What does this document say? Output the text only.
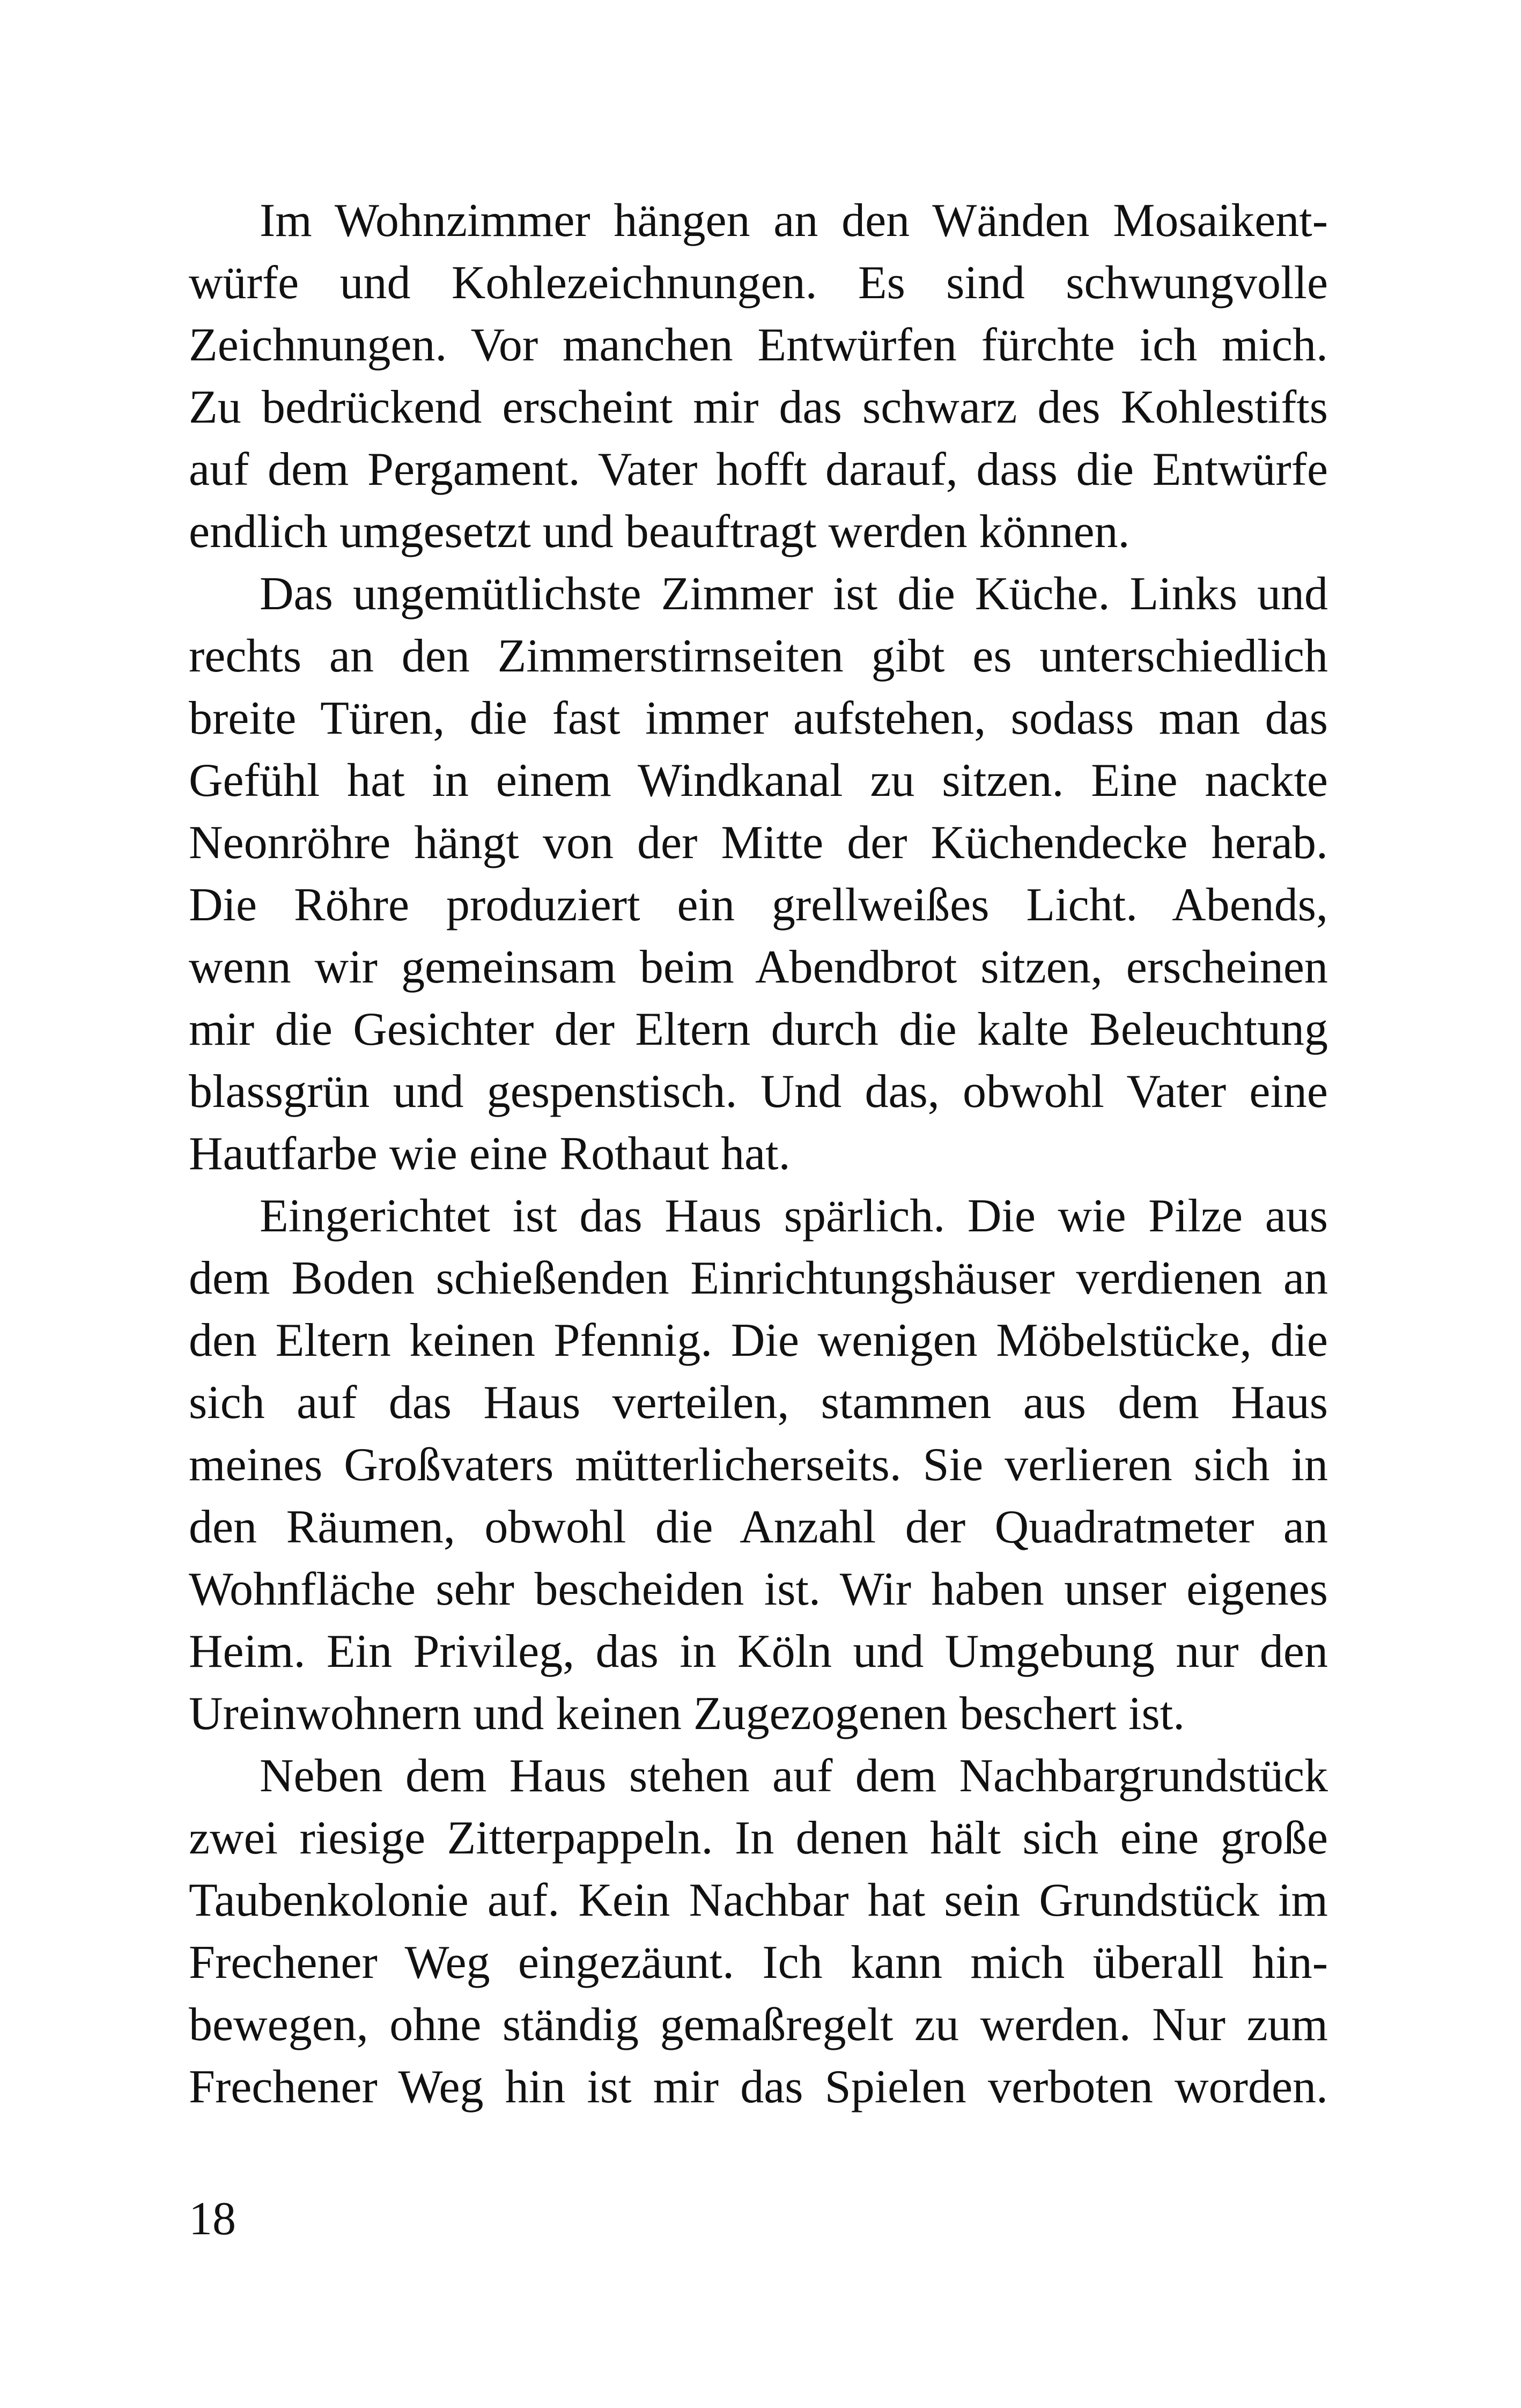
Im Wohnzimmer hängen an den Wänden Mosaikent-
würfe und Kohlezeichnungen. Es sind schwungvolle
Zeichnungen. Vor manchen Entwürfen fürchte ich mich.
Zu bedrückend erscheint mir das schwarz des Kohlestifts
auf dem Pergament. Vater hofft darauf, dass die Entwürfe
endlich umgesetzt und beauftragt werden können.
Das ungemütlichste Zimmer ist die Küche. Links und
rechts an den Zimmerstirnseiten gibt es unterschiedlich
breite Türen, die fast immer aufstehen, sodass man das
Gefühl hat in einem Windkanal zu sitzen. Eine nackte
Neonröhre hängt von der Mitte der Küchendecke herab.
Die Röhre produziert ein grellweißes Licht. Abends,
wenn wir gemeinsam beim Abendbrot sitzen, erscheinen
mir die Gesichter der Eltern durch die kalte Beleuchtung
blassgrün und gespenstisch. Und das, obwohl Vater eine
Hautfarbe wie eine Rothaut hat.
Eingerichtet ist das Haus spärlich. Die wie Pilze aus
dem Boden schießenden Einrichtungshäuser verdienen an
den Eltern keinen Pfennig. Die wenigen Möbelstücke, die
sich auf das Haus verteilen, stammen aus dem Haus
meines Großvaters mütterlicherseits. Sie verlieren sich in
den Räumen, obwohl die Anzahl der Quadratmeter an
Wohnfläche sehr bescheiden ist. Wir haben unser eigenes
Heim. Ein Privileg, das in Köln und Umgebung nur den
Ureinwohnern und keinen Zugezogenen beschert ist.
Neben dem Haus stehen auf dem Nachbargrundstück
zwei riesige Zitterpappeln. In denen hält sich eine große
Taubenkolonie auf. Kein Nachbar hat sein Grundstück im
Frechener Weg eingezäunt. Ich kann mich überall hin-
bewegen, ohne ständig gemaßregelt zu werden. Nur zum
Frechener Weg hin ist mir das Spielen verboten worden.
18
